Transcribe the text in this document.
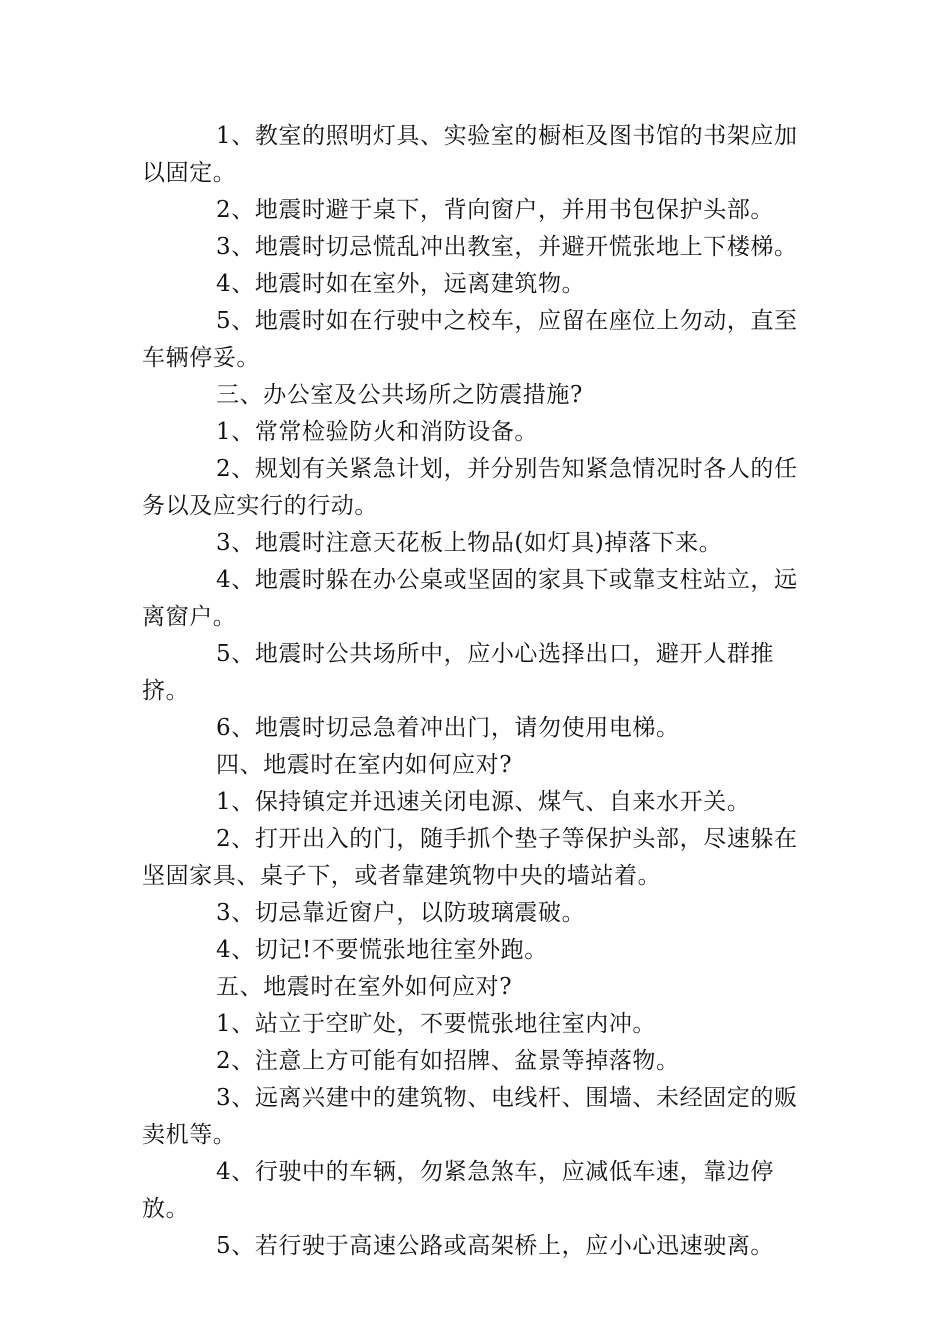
1、教室的照明灯具、实验室的橱柜及图书馆的书架应加以固定。

2、地震时避于桌下，背向窗户，并用书包保护头部。

3、地震时切忌慌乱冲出教室，并避开慌张地上下楼梯。

4、地震时如在室外，远离建筑物。

5、地震时如在行驶中之校车，应留在座位上勿动，直至车辆停妥。

三、办公室及公共场所之防震措施?

1、常常检验防火和消防设备。

2、规划有关紧急计划，并分别告知紧急情况时各人的任务以及应实行的行动。

3、地震时注意天花板上物品(如灯具)掉落下来。

4、地震时躲在办公桌或坚固的家具下或靠支柱站立，远离窗户。

5、地震时公共场所中，应小心选择出口，避开人群推挤。

6、地震时切忌急着冲出门，请勿使用电梯。

四、地震时在室内如何应对?

1、保持镇定并迅速关闭电源、煤气、自来水开关。

2、打开出入的门，随手抓个垫子等保护头部，尽速躲在坚固家具、桌子下，或者靠建筑物中央的墙站着。

3、切忌靠近窗户，以防玻璃震破。

4、切记!不要慌张地往室外跑。

五、地震时在室外如何应对?

1、站立于空旷处，不要慌张地往室内冲。

2、注意上方可能有如招牌、盆景等掉落物。

3、远离兴建中的建筑物、电线杆、围墙、未经固定的贩卖机等。

4、行驶中的车辆，勿紧急煞车，应减低车速，靠边停放。

5、若行驶于高速公路或高架桥上，应小心迅速驶离。
